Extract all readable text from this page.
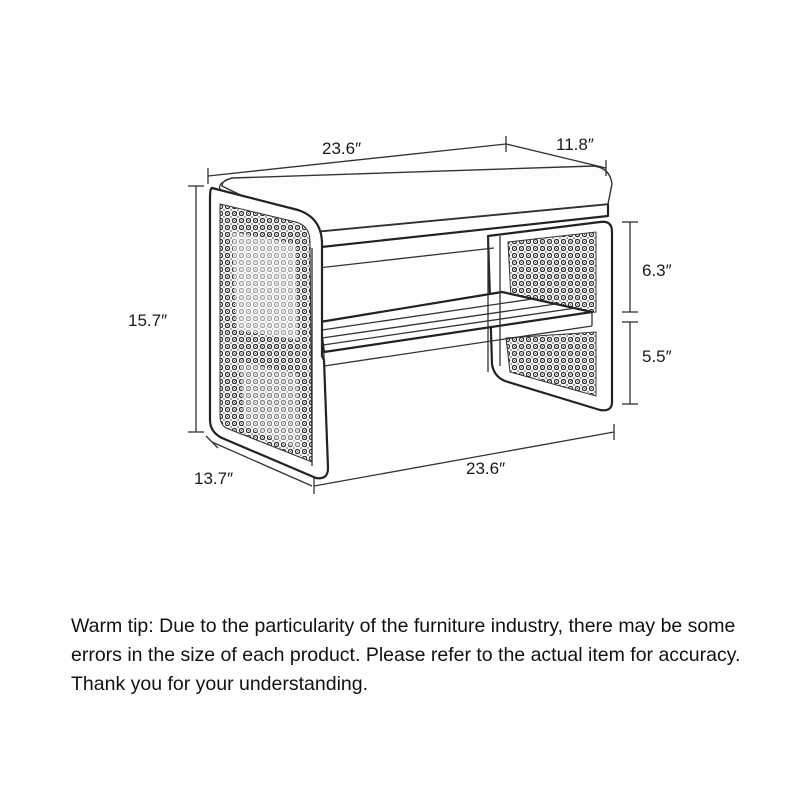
23.6″	11.8″
15.7″
6.3″
5.5″
13.7″
23.6″

Warm tip: Due to the particularity of the furniture industry, there may be some errors in the size of each product. Please refer to the actual item for accuracy. Thank you for your understanding.
